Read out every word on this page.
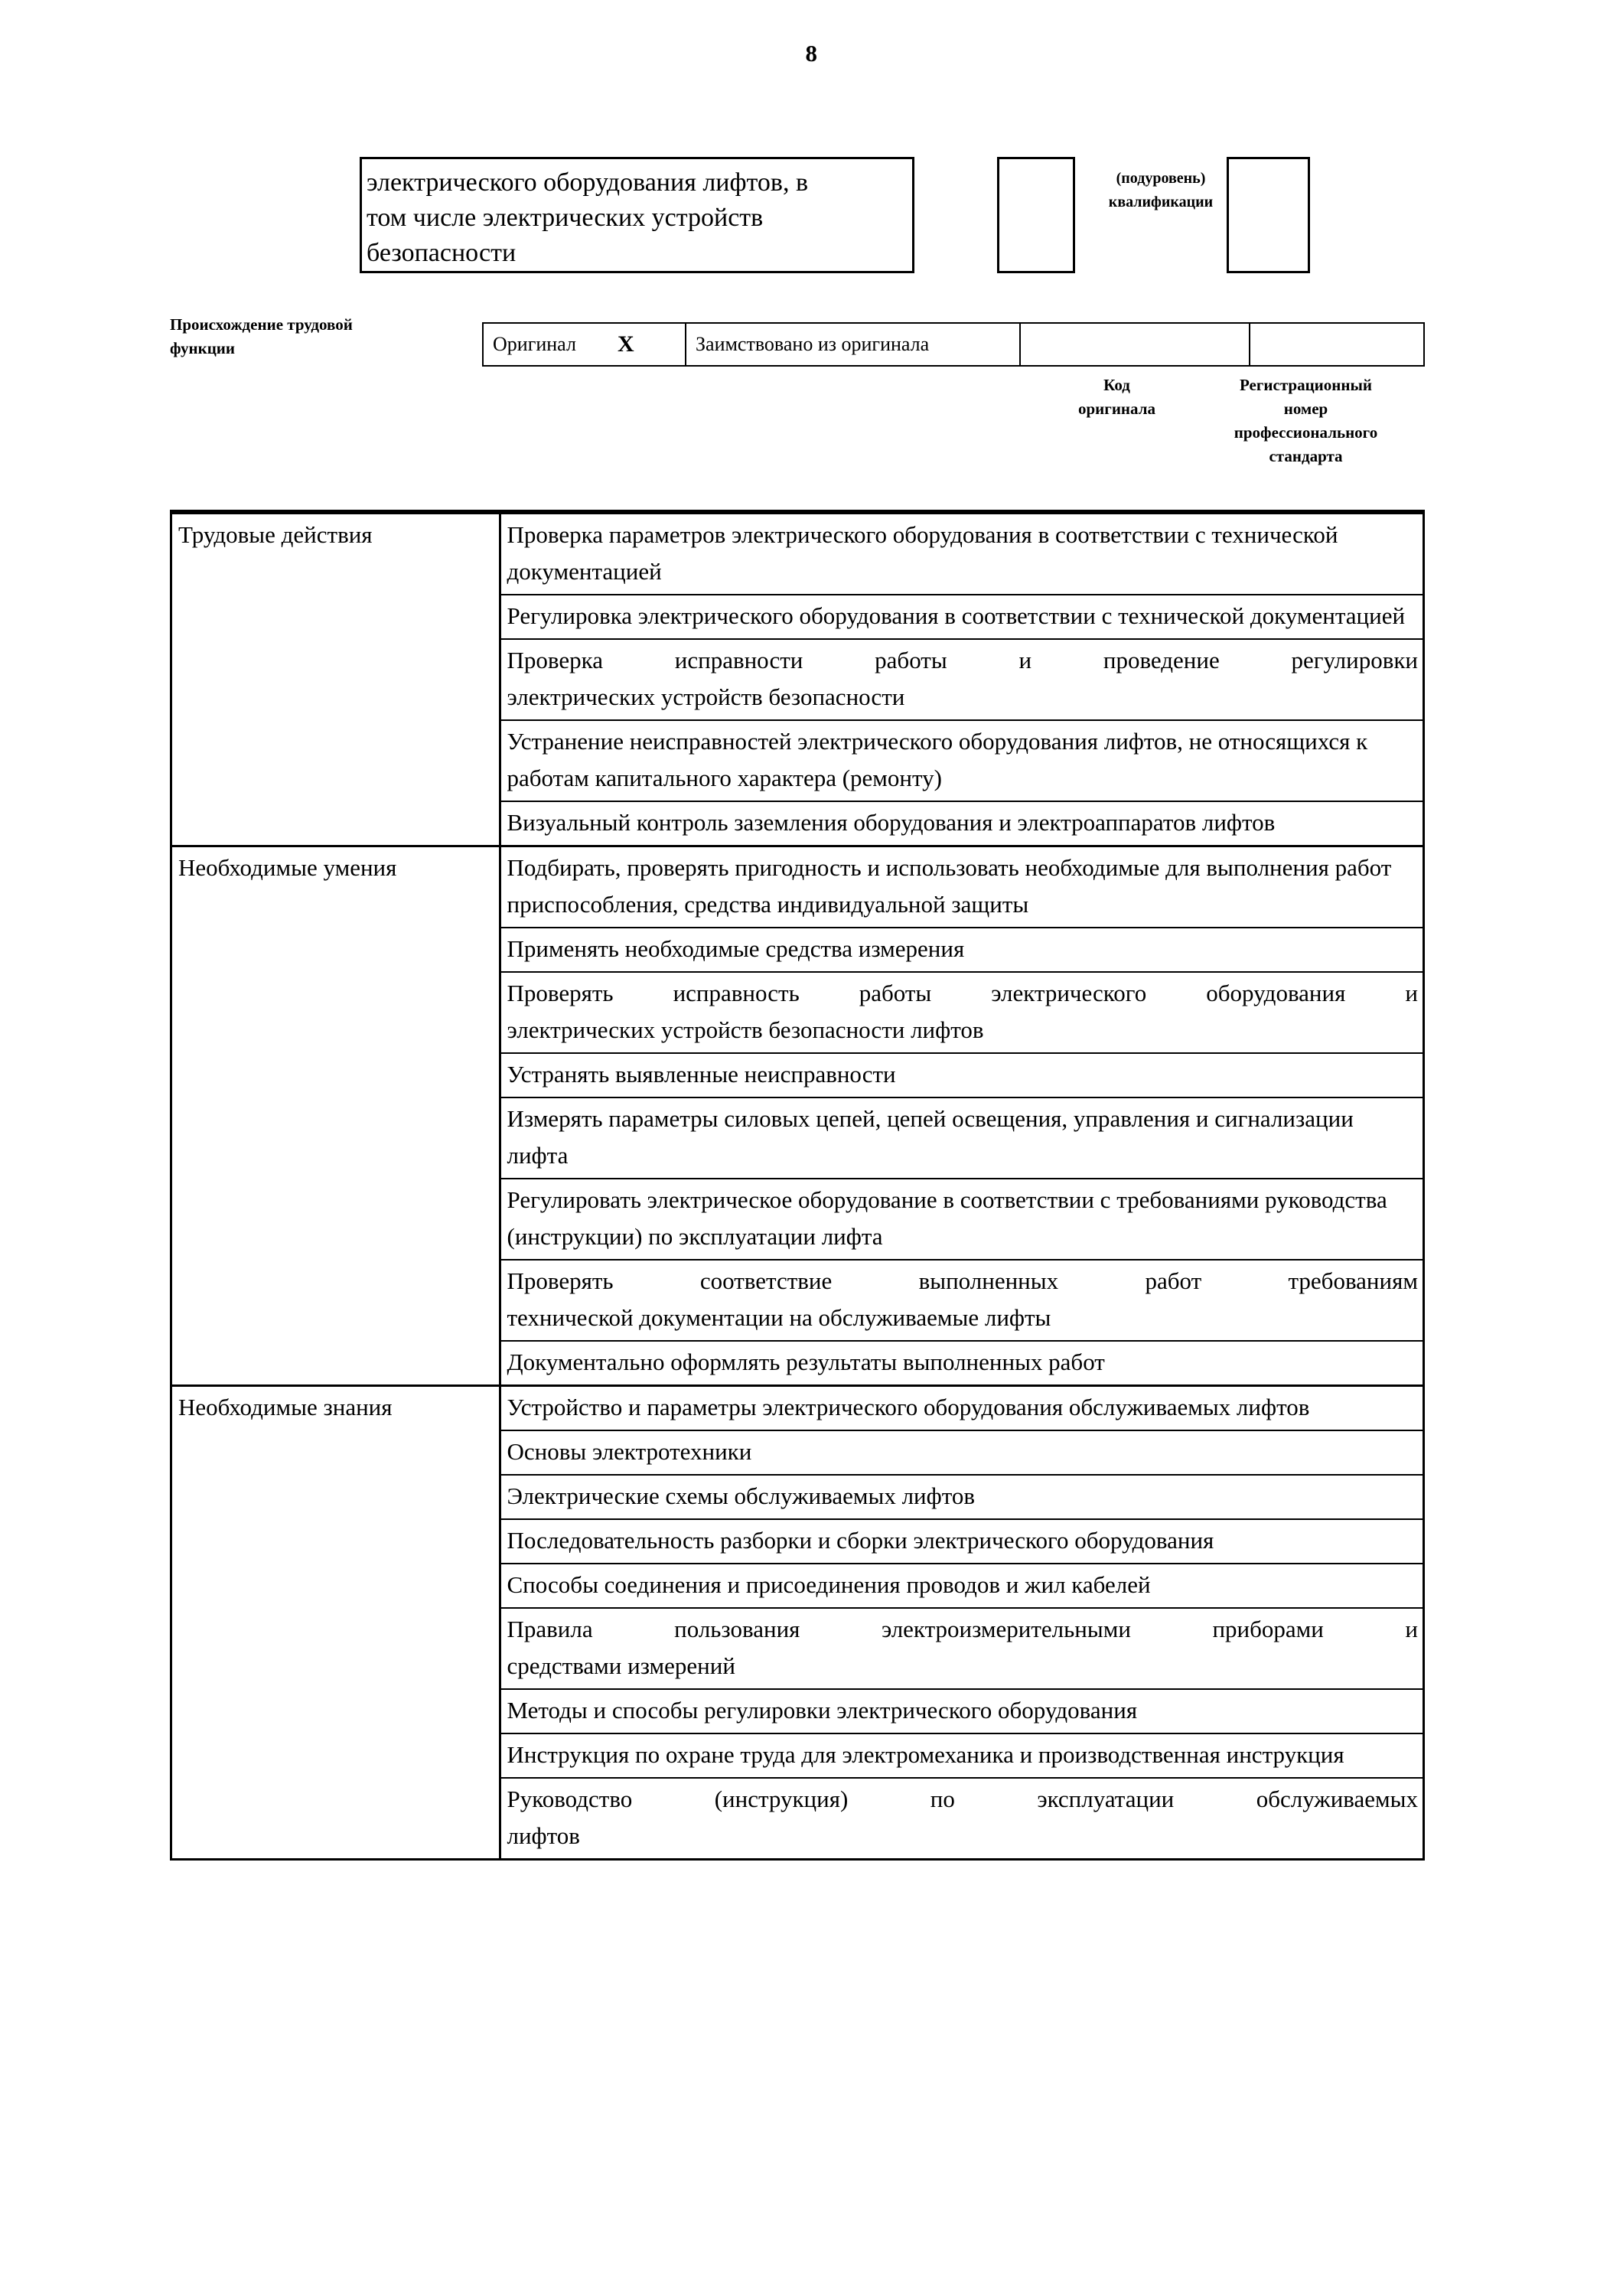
8
электрического оборудования лифтов, в
том числе электрических устройств
безопасности
(подуровень)
квалификации
Происхождение трудовой
функции	Оригинал X	Заимствовано из оригинала
Код
оригинала
Регистрационный
номер
профессионального
стандарта
Трудовые действия	Проверка параметров электрического оборудования в соответствии с технической документацией
	Регулировка электрического оборудования в соответствии с технической документацией

	Проверка исправности работы и проведение регулировки
электрических устройств безопасности

	Устранение неисправностей электрического оборудования лифтов, не относящихся к работам капитального характера (ремонту)
	Визуальный контроль заземления оборудования и электроаппаратов лифтов
Необходимые умения	Подбирать, проверять пригодность и использовать необходимые для выполнения работ приспособления, средства индивидуальной защиты
	Применять необходимые средства измерения

	Проверять исправность работы электрического оборудования и
электрических устройств безопасности лифтов

	Устранять выявленные неисправности
	Измерять параметры силовых цепей, цепей освещения, управления и сигнализации лифта
	Регулировать электрическое оборудование в соответствии с требованиями руководства (инструкции) по эксплуатации лифта

	Проверять соответствие выполненных работ требованиям
технической документации на обслуживаемые лифты

	Документально оформлять результаты выполненных работ
Необходимые знания	Устройство и параметры электрического оборудования обслуживаемых лифтов
	Основы электротехники
	Электрические схемы обслуживаемых лифтов
	Последовательность разборки и сборки электрического оборудования
	Способы соединения и присоединения проводов и жил кабелей

	Правила пользования электроизмерительными приборами и
средствами измерений

	Методы и способы регулировки электрического оборудования
	Инструкция по охране труда для электромеханика и производственная инструкция

	Руководство (инструкция) по эксплуатации обслуживаемых
лифтов
